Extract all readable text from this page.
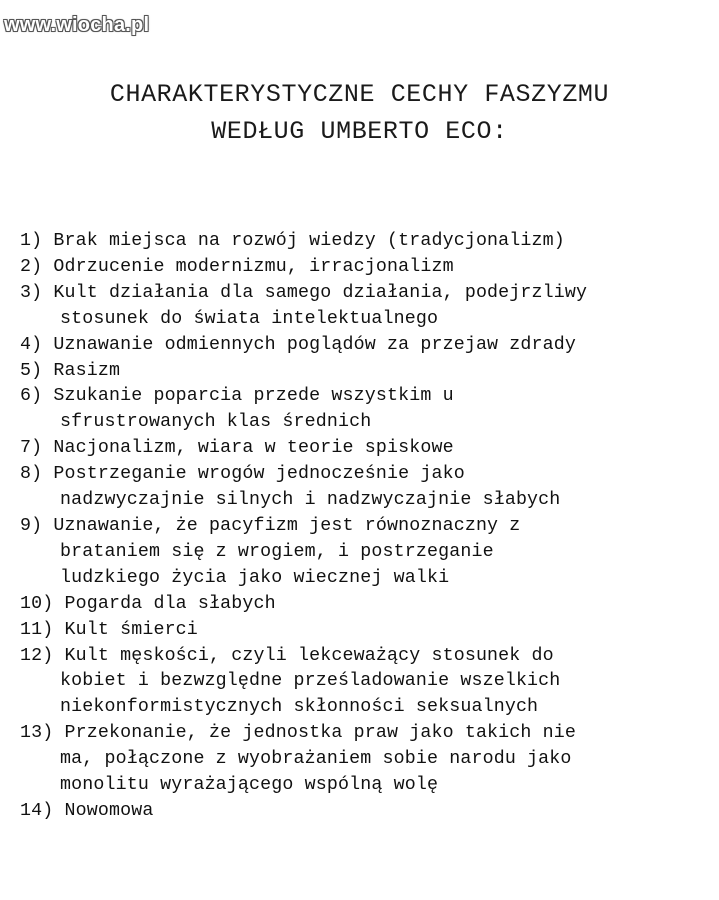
www.wiocha.pl
CHARAKTERYSTYCZNE CECHY FASZYZMU
WEDŁUG UMBERTO ECO:
1) Brak miejsca na rozwój wiedzy (tradycjonalizm)
2) Odrzucenie modernizmu, irracjonalizm
3) Kult działania dla samego działania, podejrzliwy
stosunek do świata intelektualnego
4) Uznawanie odmiennych poglądów za przejaw zdrady
5) Rasizm
6) Szukanie poparcia przede wszystkim u
sfrustrowanych klas średnich
7) Nacjonalizm, wiara w teorie spiskowe
8) Postrzeganie wrogów jednocześnie jako
nadzwyczajnie silnych i nadzwyczajnie słabych
9) Uznawanie, że pacyfizm jest równoznaczny z
brataniem się z wrogiem, i postrzeganie
ludzkiego życia jako wiecznej walki
10) Pogarda dla słabych
11) Kult śmierci
12) Kult męskości, czyli lekceważący stosunek do
kobiet i bezwzględne prześladowanie wszelkich
niekonformistycznych skłonności seksualnych
13) Przekonanie, że jednostka praw jako takich nie
ma, połączone z wyobrażaniem sobie narodu jako
monolitu wyrażającego wspólną wolę
14) Nowomowa
